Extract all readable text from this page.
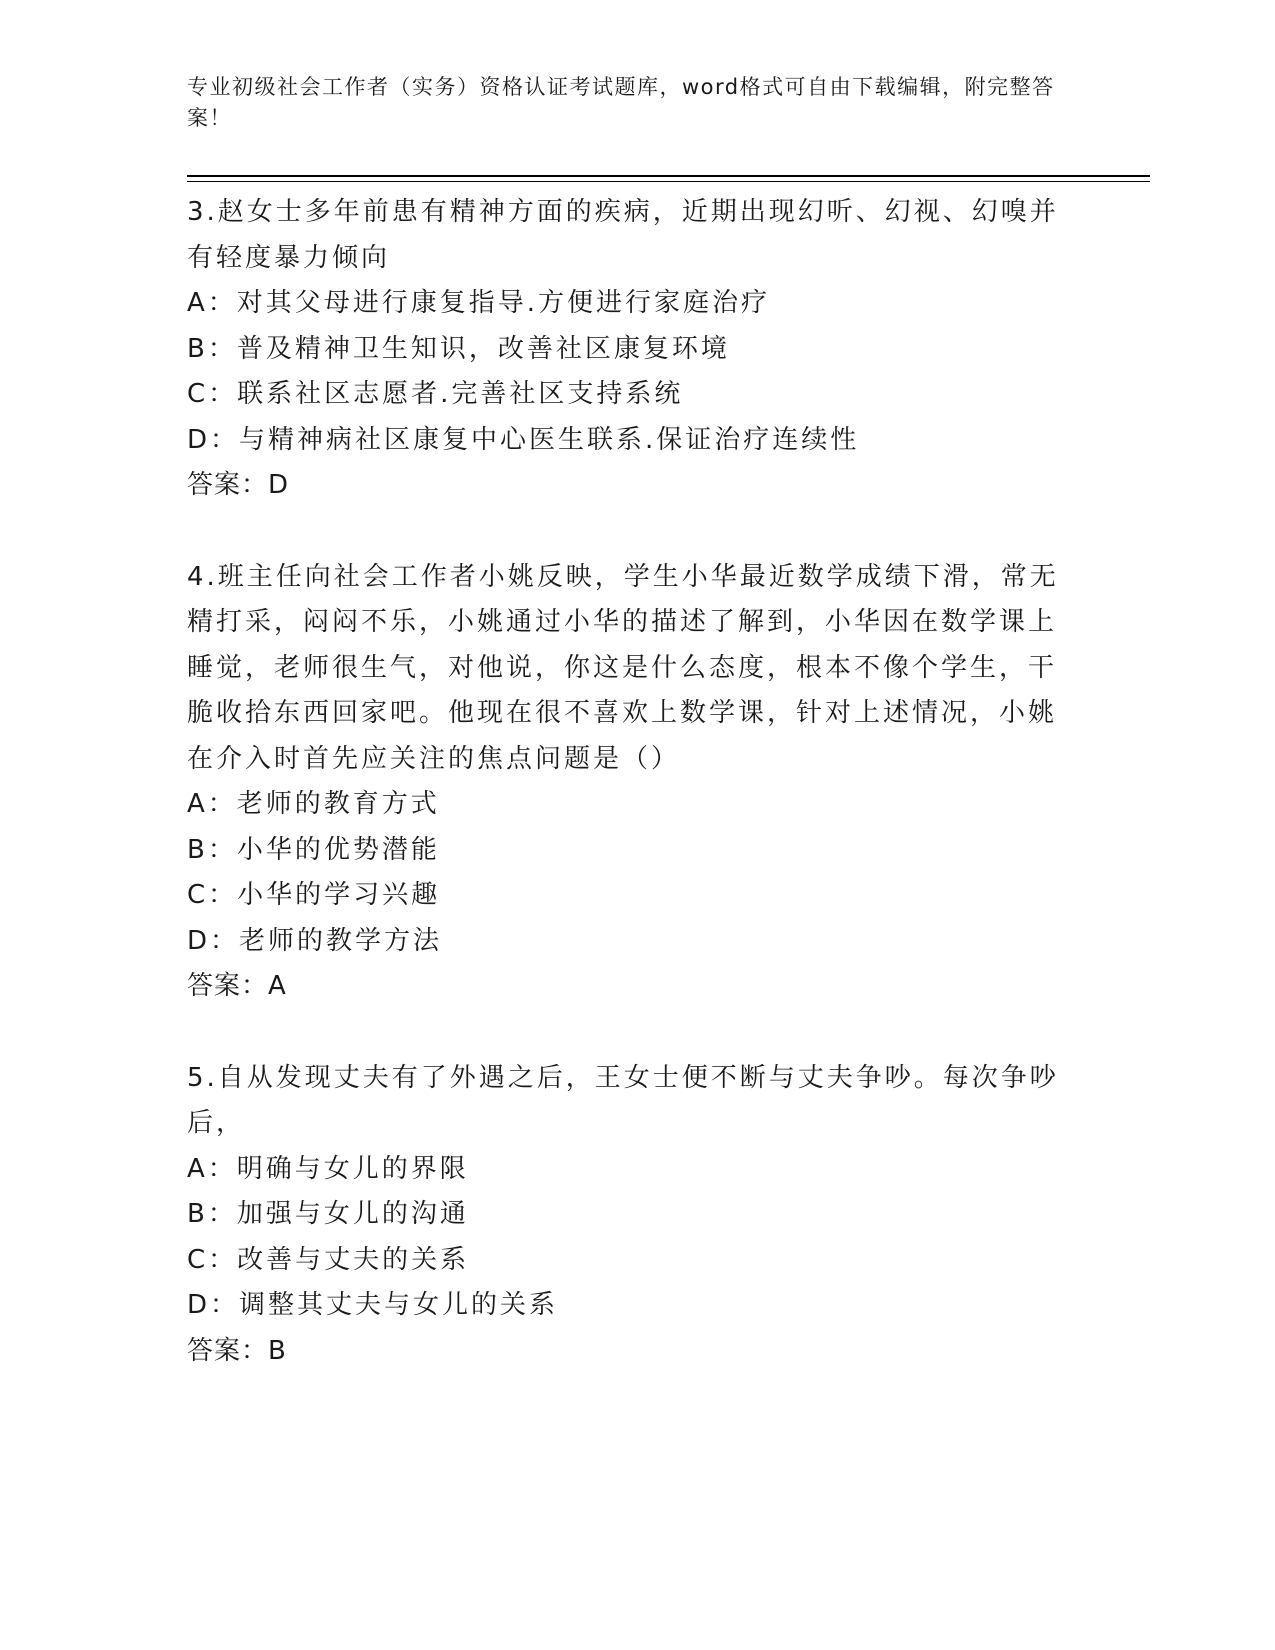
专业初级社会工作者（实务）资格认证考试题库，word格式可自由下载编辑，附完整答案！
3.赵女士多年前患有精神方面的疾病，近期出现幻听、幻视、幻嗅并
有轻度暴力倾向
A：对其父母进行康复指导.方便进行家庭治疗
B：普及精神卫生知识，改善社区康复环境
C：联系社区志愿者.完善社区支持系统
D：与精神病社区康复中心医生联系.保证治疗连续性
答案：D
4.班主任向社会工作者小姚反映，学生小华最近数学成绩下滑，常无
精打采，闷闷不乐，小姚通过小华的描述了解到，小华因在数学课上
睡觉，老师很生气，对他说，你这是什么态度，根本不像个学生，干
脆收拾东西回家吧。他现在很不喜欢上数学课，针对上述情况，小姚
在介入时首先应关注的焦点问题是（）
A：老师的教育方式
B：小华的优势潜能
C：小华的学习兴趣
D：老师的教学方法
答案：A
5.自从发现丈夫有了外遇之后，王女士便不断与丈夫争吵。每次争吵
后，
A：明确与女儿的界限
B：加强与女儿的沟通
C：改善与丈夫的关系
D：调整其丈夫与女儿的关系
答案：B
